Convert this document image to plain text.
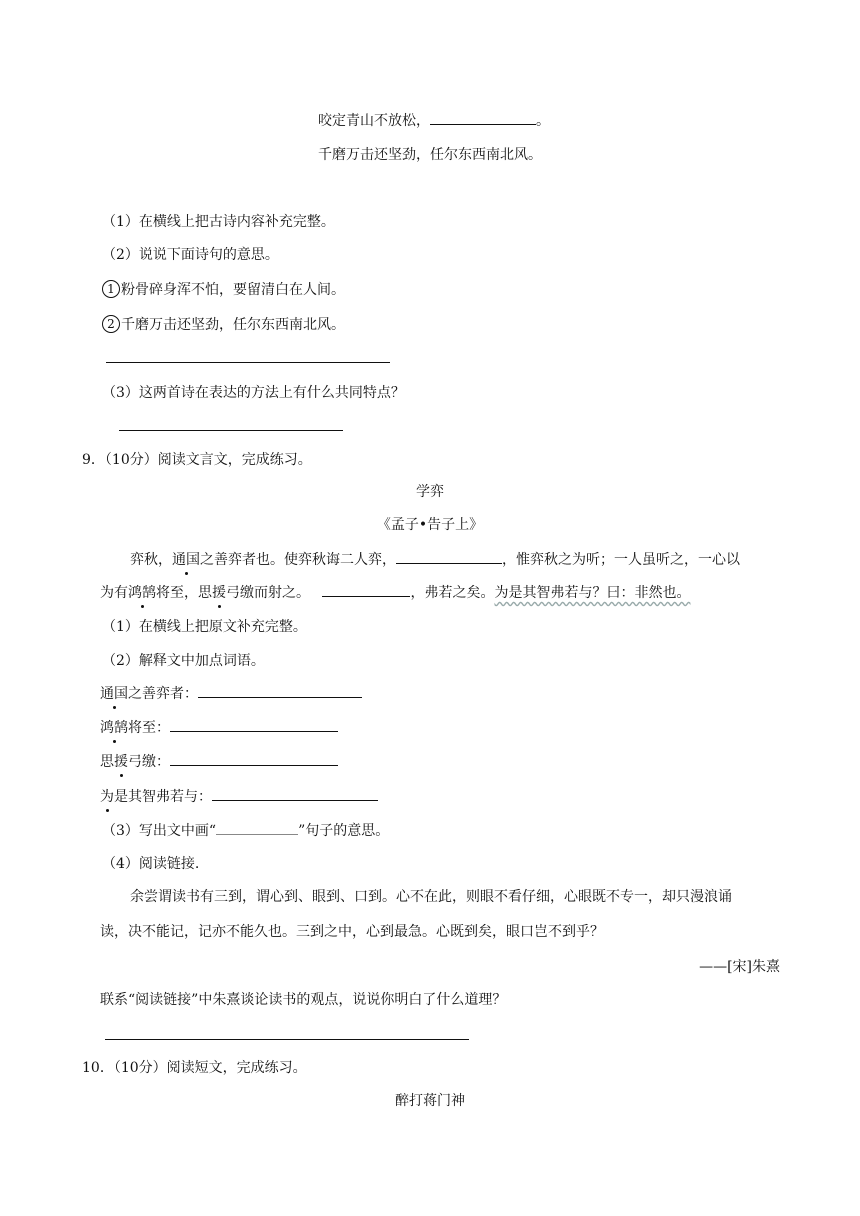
咬定青山不放松，	。
千磨万击还坚劲，任尔东西南北风。
（1）在横线上把古诗内容补充完整。
（2）说说下面诗句的意思。
1 粉骨碎身浑不怕，要留清白在人间。
2 千磨万击还坚劲，任尔东西南北风。
（3）这两首诗在表达的方法上有什么共同特点？
9．（10分）阅读文言文，完成练习。
学弈
《孟子•告子上》
弈秋，通国之善弈者也。使弈秋诲二人弈，	，惟弈秋之为听；一人虽听之，一心以
为有鸿鹄将至，思援弓缴而射之。	，弗若之矣。为是其智弗若与？曰：非然也。
（1）在横线上把原文补充完整。
（2）解释文中加点词语。
通国之善弈者：
鸿鹄将至：
思援弓缴：
为是其智弗若与：
（3）写出文中画“	”句子的意思。
（4）阅读链接.
余尝谓读书有三到，谓心到、眼到、口到。心不在此，则眼不看仔细，心眼既不专一，却只漫浪诵
读，决不能记，记亦不能久也。三到之中，心到最急。心既到矣，眼口岂不到乎？
——[宋]朱熹
联系“阅读链接”中朱熹谈论读书的观点，说说你明白了什么道理？
10．（10分）阅读短文，完成练习。
醉打蒋门神
